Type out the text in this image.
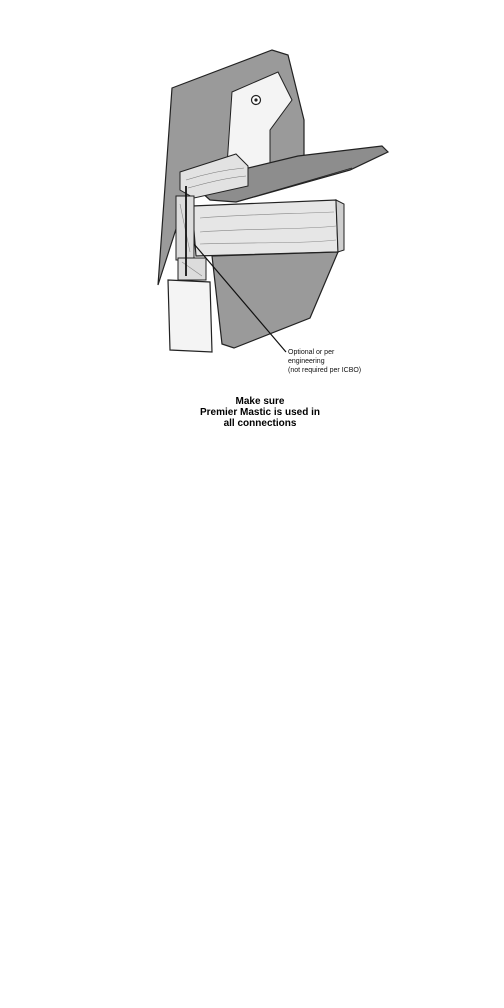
Optional or per
engineering
(not required per ICBO)
Make sure
Premier Mastic is used in
all connections
